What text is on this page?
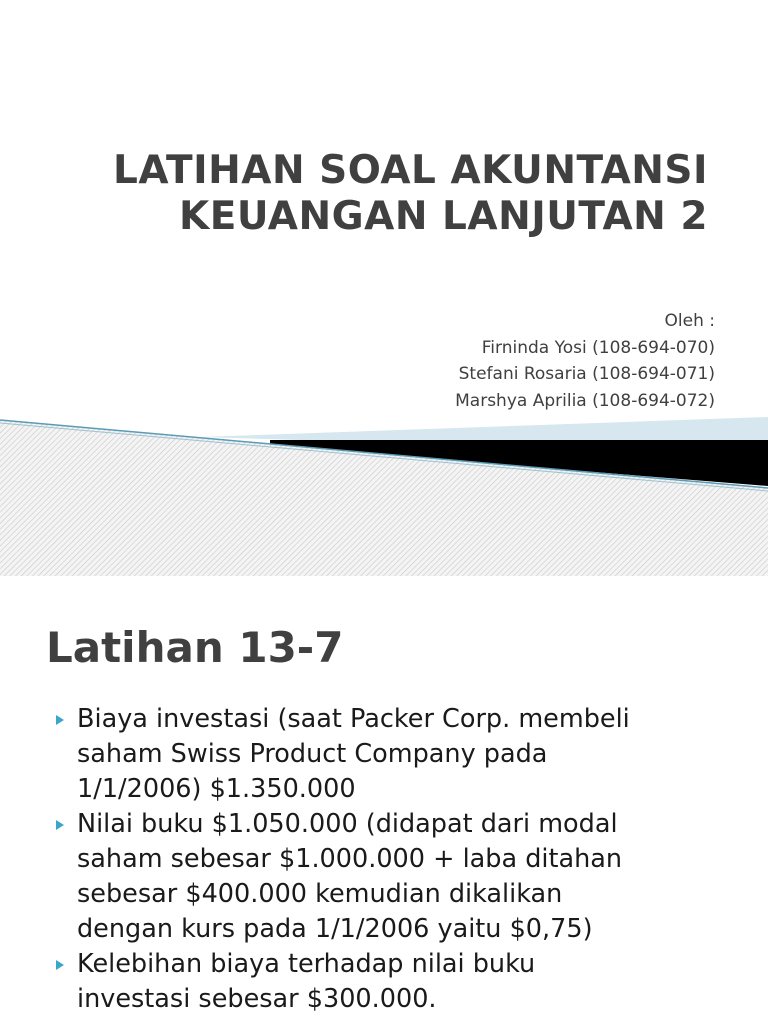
LATIHAN SOAL AKUNTANSI
KEUANGAN LANJUTAN 2
Oleh :
Firninda Yosi (108-694-070)
Stefani Rosaria (108-694-071)
Marshya Aprilia (108-694-072)
Latihan 13-7
Biaya investasi (saat Packer Corp. membeli
saham Swiss Product Company pada
1/1/2006) $1.350.000
Nilai buku $1.050.000 (didapat dari modal
saham sebesar $1.000.000 + laba ditahan
sebesar $400.000 kemudian dikalikan
dengan kurs pada 1/1/2006 yaitu $0,75)
Kelebihan biaya terhadap nilai buku
investasi sebesar $300.000.
